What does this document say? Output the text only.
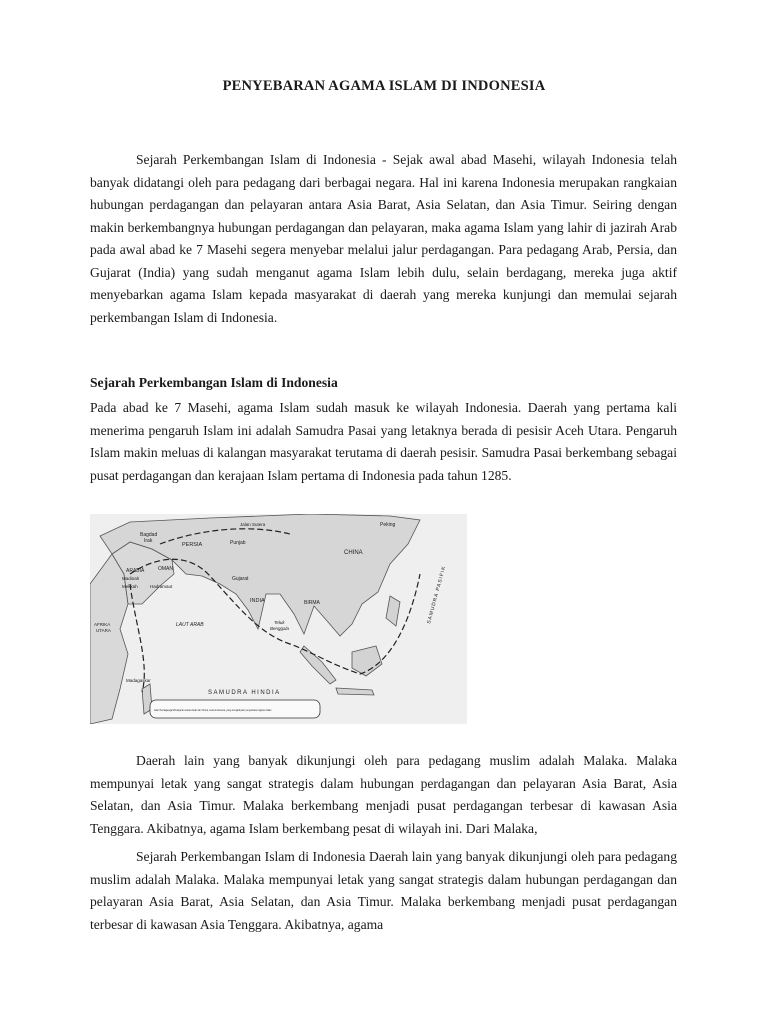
PENYEBARAN AGAMA ISLAM DI INDONESIA

Sejarah Perkembangan Islam di Indonesia - Sejak awal abad Masehi, wilayah Indonesia telah banyak didatangi oleh para pedagang dari berbagai negara. Hal ini karena Indonesia merupakan rangkaian hubungan perdagangan dan pelayaran antara Asia Barat, Asia Selatan, dan Asia Timur. Seiring dengan makin berkembangnya hubungan perdagangan dan pelayaran, maka agama Islam yang lahir di jazirah Arab pada awal abad ke 7 Masehi segera menyebar melalui jalur perdagangan. Para pedagang Arab, Persia, dan Gujarat (India) yang sudah menganut agama Islam lebih dulu, selain berdagang, mereka juga aktif menyebarkan agama Islam kepada masyarakat di daerah yang mereka kunjungi dan memulai sejarah perkembangan Islam di Indonesia.

Sejarah Perkembangan Islam di Indonesia

Pada abad ke 7 Masehi, agama Islam sudah masuk ke wilayah Indonesia. Daerah yang pertama kali menerima pengaruh Islam ini adalah Samudra Pasai yang letaknya berada di pesisir Aceh Utara. Pengaruh Islam makin meluas di kalangan masyarakat terutama di daerah pesisir. Samudra Pasai berkembang sebagai pusat perdagangan dan kerajaan Islam pertama di Indonesia pada tahun 1285.

Bagdad
Irak
PERSIA
ARABIA
Madinah
Mekkah
OMAN
Hadramaut
Punjab
Gujarat
INDIA
CHINA
Peking
BIRMA
AFRIKA
UTARA
LAUT ARAB	Teluk
Benggala
SAMUDRA HINDIA
SAMUDRA PASIFIK
Madagaskar
Jalan Sutera
Jalur Perdagangan/Pelayaran antara Arab dan China, serta Indonesia, yang menjadi jalur penyebaran Agama Islam

Daerah lain yang banyak dikunjungi oleh para pedagang muslim adalah Malaka. Malaka mempunyai letak yang sangat strategis dalam hubungan perdagangan dan pelayaran Asia Barat, Asia Selatan, dan Asia Timur. Malaka berkembang menjadi pusat perdagangan terbesar di kawasan Asia Tenggara. Akibatnya, agama Islam berkembang pesat di wilayah ini. Dari Malaka,

Sejarah Perkembangan Islam di Indonesia Daerah lain yang banyak dikunjungi oleh para pedagang muslim adalah Malaka. Malaka mempunyai letak yang sangat strategis dalam hubungan perdagangan dan pelayaran Asia Barat, Asia Selatan, dan Asia Timur. Malaka berkembang menjadi pusat perdagangan terbesar di kawasan Asia Tenggara. Akibatnya, agama
